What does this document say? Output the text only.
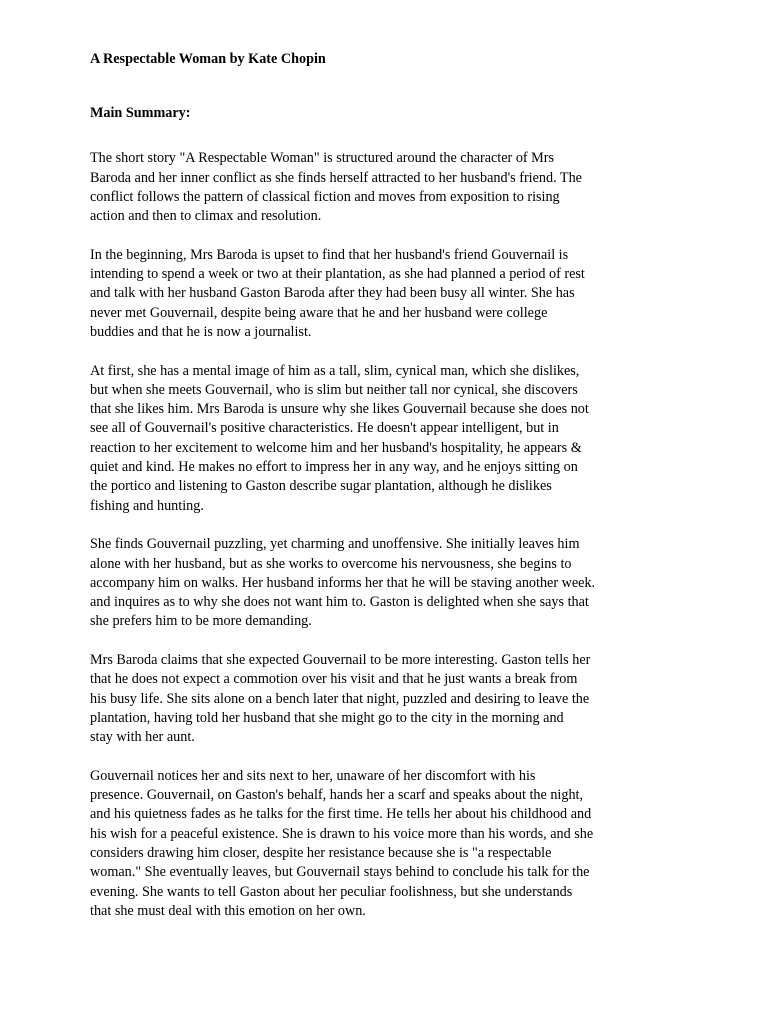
A Respectable Woman by Kate Chopin
Main Summary:
The short story "A Respectable Woman" is structured around the character of Mrs
Baroda and her inner conflict as she finds herself attracted to her husband's friend. The
conflict follows the pattern of classical fiction and moves from exposition to rising
action and then to climax and resolution.
In the beginning, Mrs Baroda is upset to find that her husband's friend Gouvernail is
intending to spend a week or two at their plantation, as she had planned a period of rest
and talk with her husband Gaston Baroda after they had been busy all winter. She has
never met Gouvernail, despite being aware that he and her husband were college
buddies and that he is now a journalist.
At first, she has a mental image of him as a tall, slim, cynical man, which she dislikes,
but when she meets Gouvernail, who is slim but neither tall nor cynical, she discovers
that she likes him. Mrs Baroda is unsure why she likes Gouvernail because she does not
see all of Gouvernail's positive characteristics. He doesn't appear intelligent, but in
reaction to her excitement to welcome him and her husband's hospitality, he appears &
quiet and kind. He makes no effort to impress her in any way, and he enjoys sitting on
the portico and listening to Gaston describe sugar plantation, although he dislikes
fishing and hunting.
She finds Gouvernail puzzling, yet charming and unoffensive. She initially leaves him
alone with her husband, but as she works to overcome his nervousness, she begins to
accompany him on walks. Her husband informs her that he will be staving another week.
and inquires as to why she does not want him to. Gaston is delighted when she says that
she prefers him to be more demanding.
Mrs Baroda claims that she expected Gouvernail to be more interesting. Gaston tells her
that he does not expect a commotion over his visit and that he just wants a break from
his busy life. She sits alone on a bench later that night, puzzled and desiring to leave the
plantation, having told her husband that she might go to the city in the morning and
stay with her aunt.
Gouvernail notices her and sits next to her, unaware of her discomfort with his
presence. Gouvernail, on Gaston's behalf, hands her a scarf and speaks about the night,
and his quietness fades as he talks for the first time. He tells her about his childhood and
his wish for a peaceful existence. She is drawn to his voice more than his words, and she
considers drawing him closer, despite her resistance because she is "a respectable
woman." She eventually leaves, but Gouvernail stays behind to conclude his talk for the
evening. She wants to tell Gaston about her peculiar foolishness, but she understands
that she must deal with this emotion on her own.
